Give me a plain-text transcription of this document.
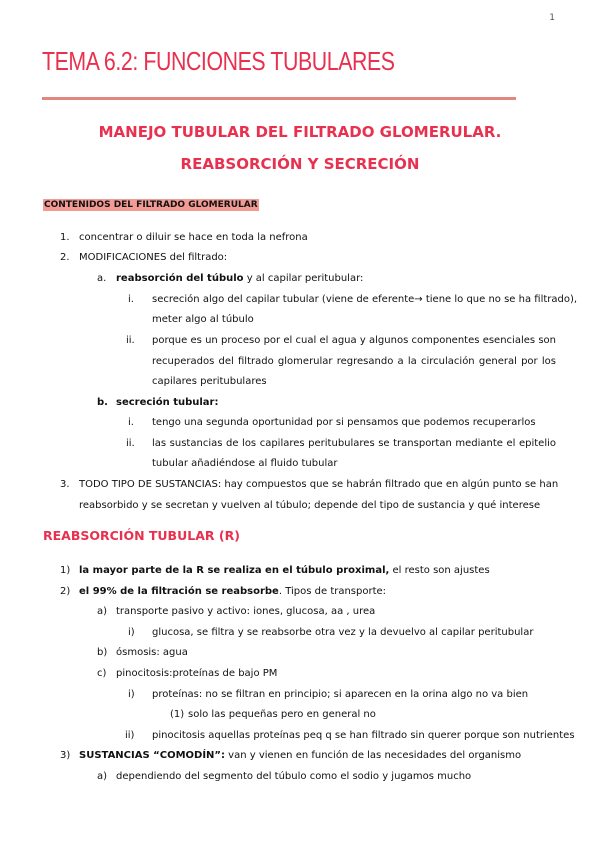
1
TEMA 6.2: FUNCIONES TUBULARES
MANEJO TUBULAR DEL FILTRADO GLOMERULAR.
REABSORCIÓN Y SECRECIÓN
CONTENIDOS DEL FILTRADO GLOMERULAR
1. concentrar o diluir se hace en toda la nefrona
2. MODIFICACIONES del filtrado:
a. reabsorción del túbulo y al capilar peritubular:
i. secreción algo del capilar tubular (viene de eferente→ tiene lo que no se ha filtrado),
meter algo al túbulo
ii. porque es un proceso por el cual el agua y algunos componentes esenciales son
recuperados del filtrado glomerular regresando a la circulación general por los
capilares peritubulares
b. secreción tubular:
i. tengo una segunda oportunidad por si pensamos que podemos recuperarlos
ii. las sustancias de los capilares peritubulares se transportan mediante el epitelio
tubular añadiéndose al fluido tubular
3. TODO TIPO DE SUSTANCIAS: hay compuestos que se habrán filtrado que en algún punto se han
reabsorbido y se secretan y vuelven al túbulo; depende del tipo de sustancia y qué interese
REABSORCIÓN TUBULAR (R)
1) la mayor parte de la R se realiza en el túbulo proximal, el resto son ajustes
2) el 99% de la filtración se reabsorbe. Tipos de transporte:
a) transporte pasivo y activo: iones, glucosa, aa , urea
i) glucosa, se filtra y se reabsorbe otra vez y la devuelvo al capilar peritubular
b) ósmosis: agua
c) pinocitosis:proteínas de bajo PM
i) proteínas: no se filtran en principio; si aparecen en la orina algo no va bien
(1) solo las pequeñas pero en general no
ii) pinocitosis aquellas proteínas peq q se han filtrado sin querer porque son nutrientes
3) SUSTANCIAS “COMODÍN”: van y vienen en función de las necesidades del organismo
a) dependiendo del segmento del túbulo como el sodio y jugamos mucho
